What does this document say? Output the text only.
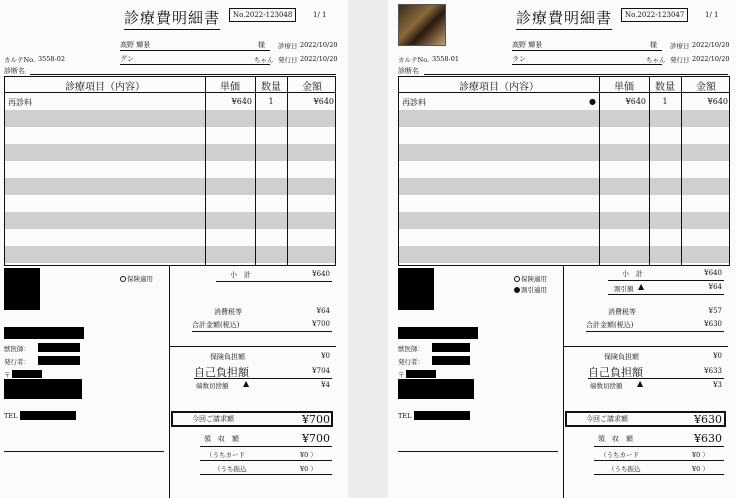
診療費明細書	No.2022-123048	1/ 1
高野 輝景	様 診療日 2022/10/20
カルテNo. 3558-02	グン	ちゃん 発行日 2022/10/20
診断名
診療項目（内容）	単価	数量	金額
再診料	¥640	1	¥640
保険適用	小　計	¥640
消費税等	¥64
合計金額(税込)	¥700
保険負担額	¥0
自己負担額	¥704
端数切捨額 ▲	¥4
獣医師：
発行者：
〒
TEL	今回ご請求額	¥700
領　収　額	¥700
（うちカード	¥0 ）
（うち振込	¥0 ）
診療費明細書	No.2022-123047	1/ 1
高野 輝景	様 診療日 2022/10/20
カルテNo. 3558-01	ラン	ちゃん 発行日 2022/10/20
診断名
診療項目（内容）	単価	数量	金額
再診料	●	¥640	1	¥640
保険適用
割引適用
小　計	¥640
割引額 ▲	¥64
消費税等	¥57
合計金額(税込)	¥630
保険負担額	¥0
自己負担額	¥633
端数切捨額 ▲	¥3
獣医師：
発行者：
〒
TEL	今回ご請求額	¥630
領　収　額	¥630
（うちカード	¥0 ）
（うち振込	¥0 ）
